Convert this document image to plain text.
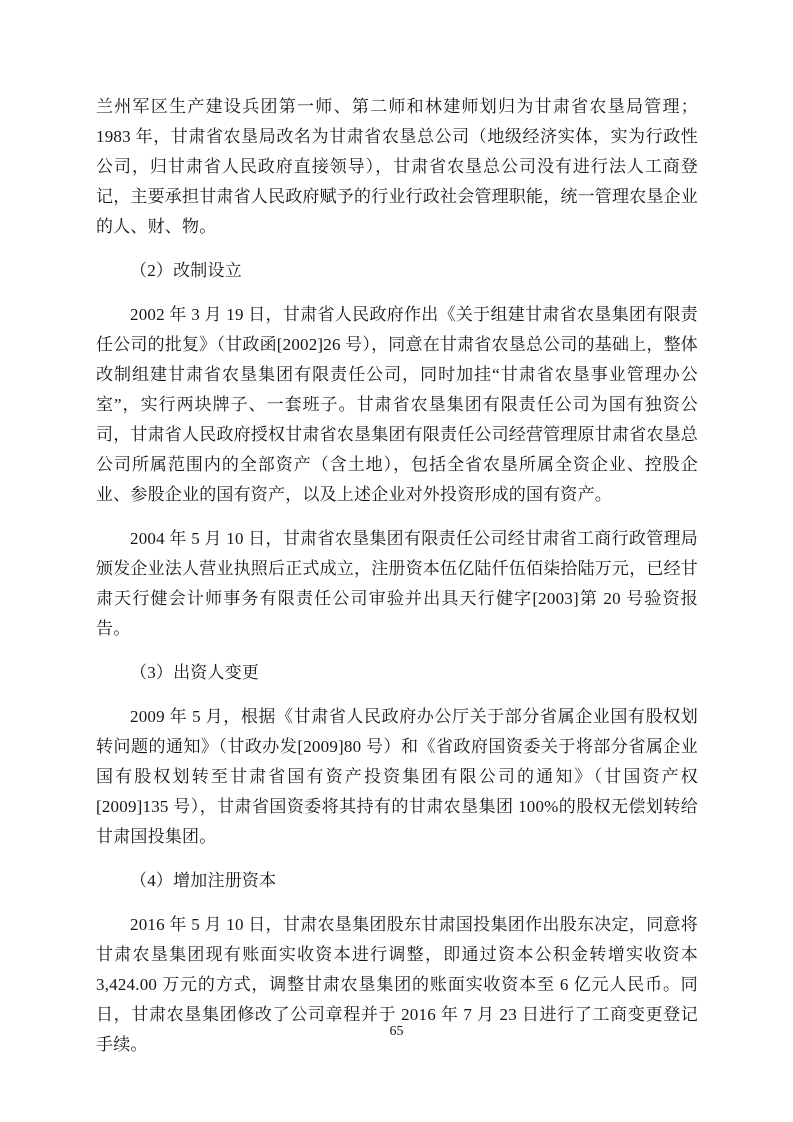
兰州军区生产建设兵团第一师、第二师和林建师划归为甘肃省农垦局管理；1983 年，甘肃省农垦局改名为甘肃省农垦总公司（地级经济实体，实为行政性公司，归甘肃省人民政府直接领导），甘肃省农垦总公司没有进行法人工商登记，主要承担甘肃省人民政府赋予的行业行政社会管理职能，统一管理农垦企业的人、财、物。

（2）改制设立

2002 年 3 月 19 日，甘肃省人民政府作出《关于组建甘肃省农垦集团有限责任公司的批复》（甘政函[2002]26 号），同意在甘肃省农垦总公司的基础上，整体改制组建甘肃省农垦集团有限责任公司，同时加挂“甘肃省农垦事业管理办公室”，实行两块牌子、一套班子。甘肃省农垦集团有限责任公司为国有独资公司，甘肃省人民政府授权甘肃省农垦集团有限责任公司经营管理原甘肃省农垦总公司所属范围内的全部资产（含土地），包括全省农垦所属全资企业、控股企业、参股企业的国有资产，以及上述企业对外投资形成的国有资产。

2004 年 5 月 10 日，甘肃省农垦集团有限责任公司经甘肃省工商行政管理局颁发企业法人营业执照后正式成立，注册资本伍亿陆仟伍佰柒拾陆万元，已经甘肃天行健会计师事务有限责任公司审验并出具天行健字[2003]第 20 号验资报告。

（3）出资人变更

2009 年 5 月，根据《甘肃省人民政府办公厅关于部分省属企业国有股权划转问题的通知》（甘政办发[2009]80 号）和《省政府国资委关于将部分省属企业国有股权划转至甘肃省国有资产投资集团有限公司的通知》（甘国资产权[2009]135 号），甘肃省国资委将其持有的甘肃农垦集团 100%的股权无偿划转给甘肃国投集团。

（4）增加注册资本

2016 年 5 月 10 日，甘肃农垦集团股东甘肃国投集团作出股东决定，同意将甘肃农垦集团现有账面实收资本进行调整，即通过资本公积金转增实收资本 3,424.00 万元的方式，调整甘肃农垦集团的账面实收资本至 6 亿元人民币。同日，甘肃农垦集团修改了公司章程并于 2016 年 7 月 23 日进行了工商变更登记手续。

65
